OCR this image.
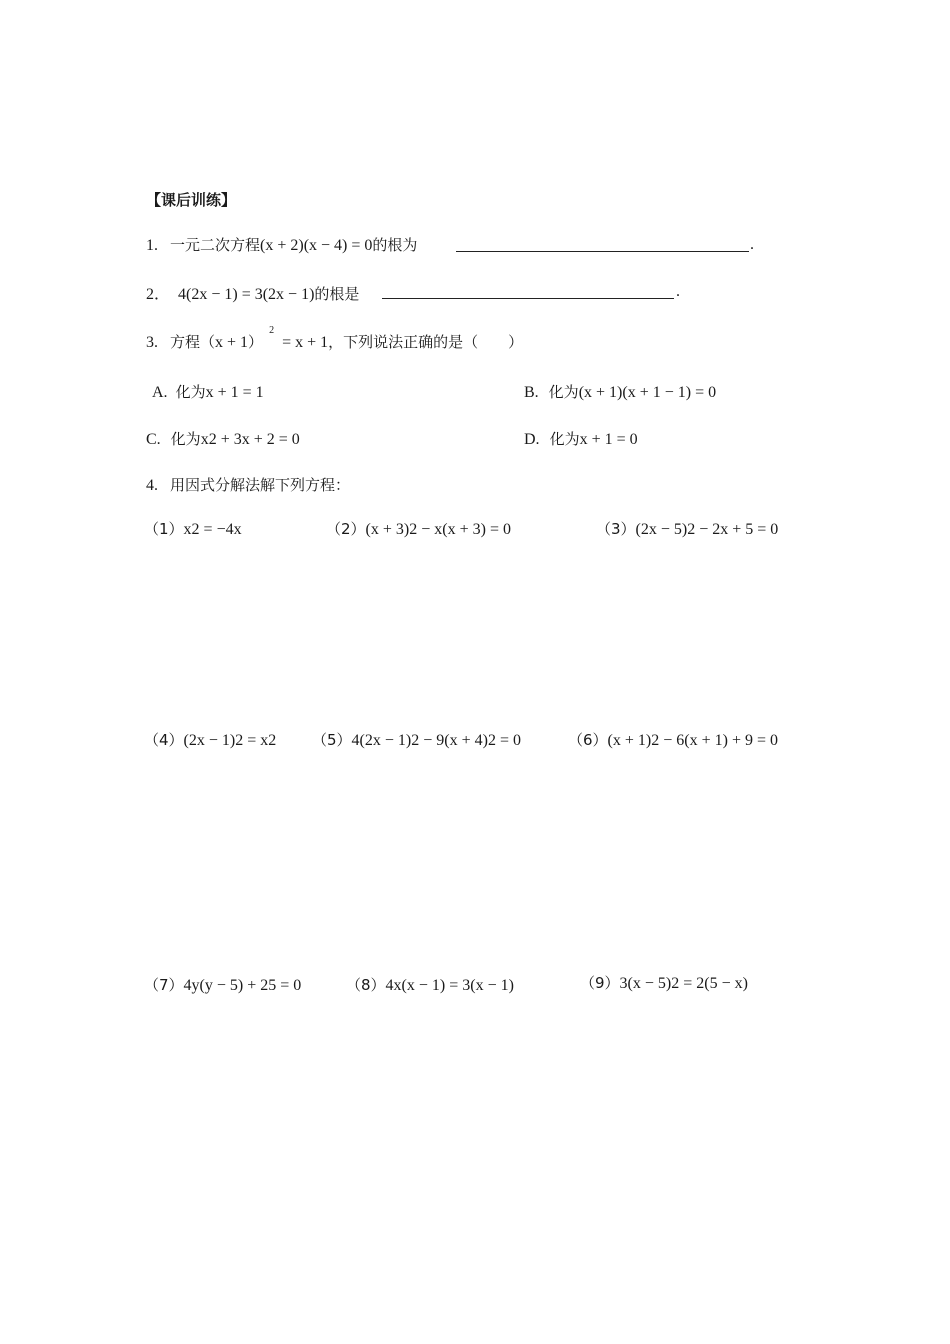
【课后训练】
1. 一元二次方程 (x + 2)(x − 4) = 0 的根为	.
2． 4(2x − 1) = 3(2x − 1) 的根是	.
3. 方程（ x + 1 ）
2
= x + 1 ，下列说法正确的是（　　）
A. 化为 x + 1 = 1	B. 化为 (x + 1)(x + 1 − 1) = 0
C. 化为 x 2 + 3x + 2 = 0	D. 化为 x + 1 = 0
4. 用因式分解法解下列方程：
（1） x 2 = −4x	（2） (x + 3) 2 − x(x + 3) = 0	（3） (2x − 5) 2 − 2x + 5 = 0
（4） (2x − 1) 2 = x 2 （5） 4(2x − 1) 2 − 9(x + 4) 2 = 0	（6） (x + 1) 2 − 6(x + 1) + 9 = 0
（7） 4y(y − 5) + 25 = 0	（8） 4x(x − 1) = 3(x − 1)	（9） 3(x − 5) 2 = 2(5 − x)
